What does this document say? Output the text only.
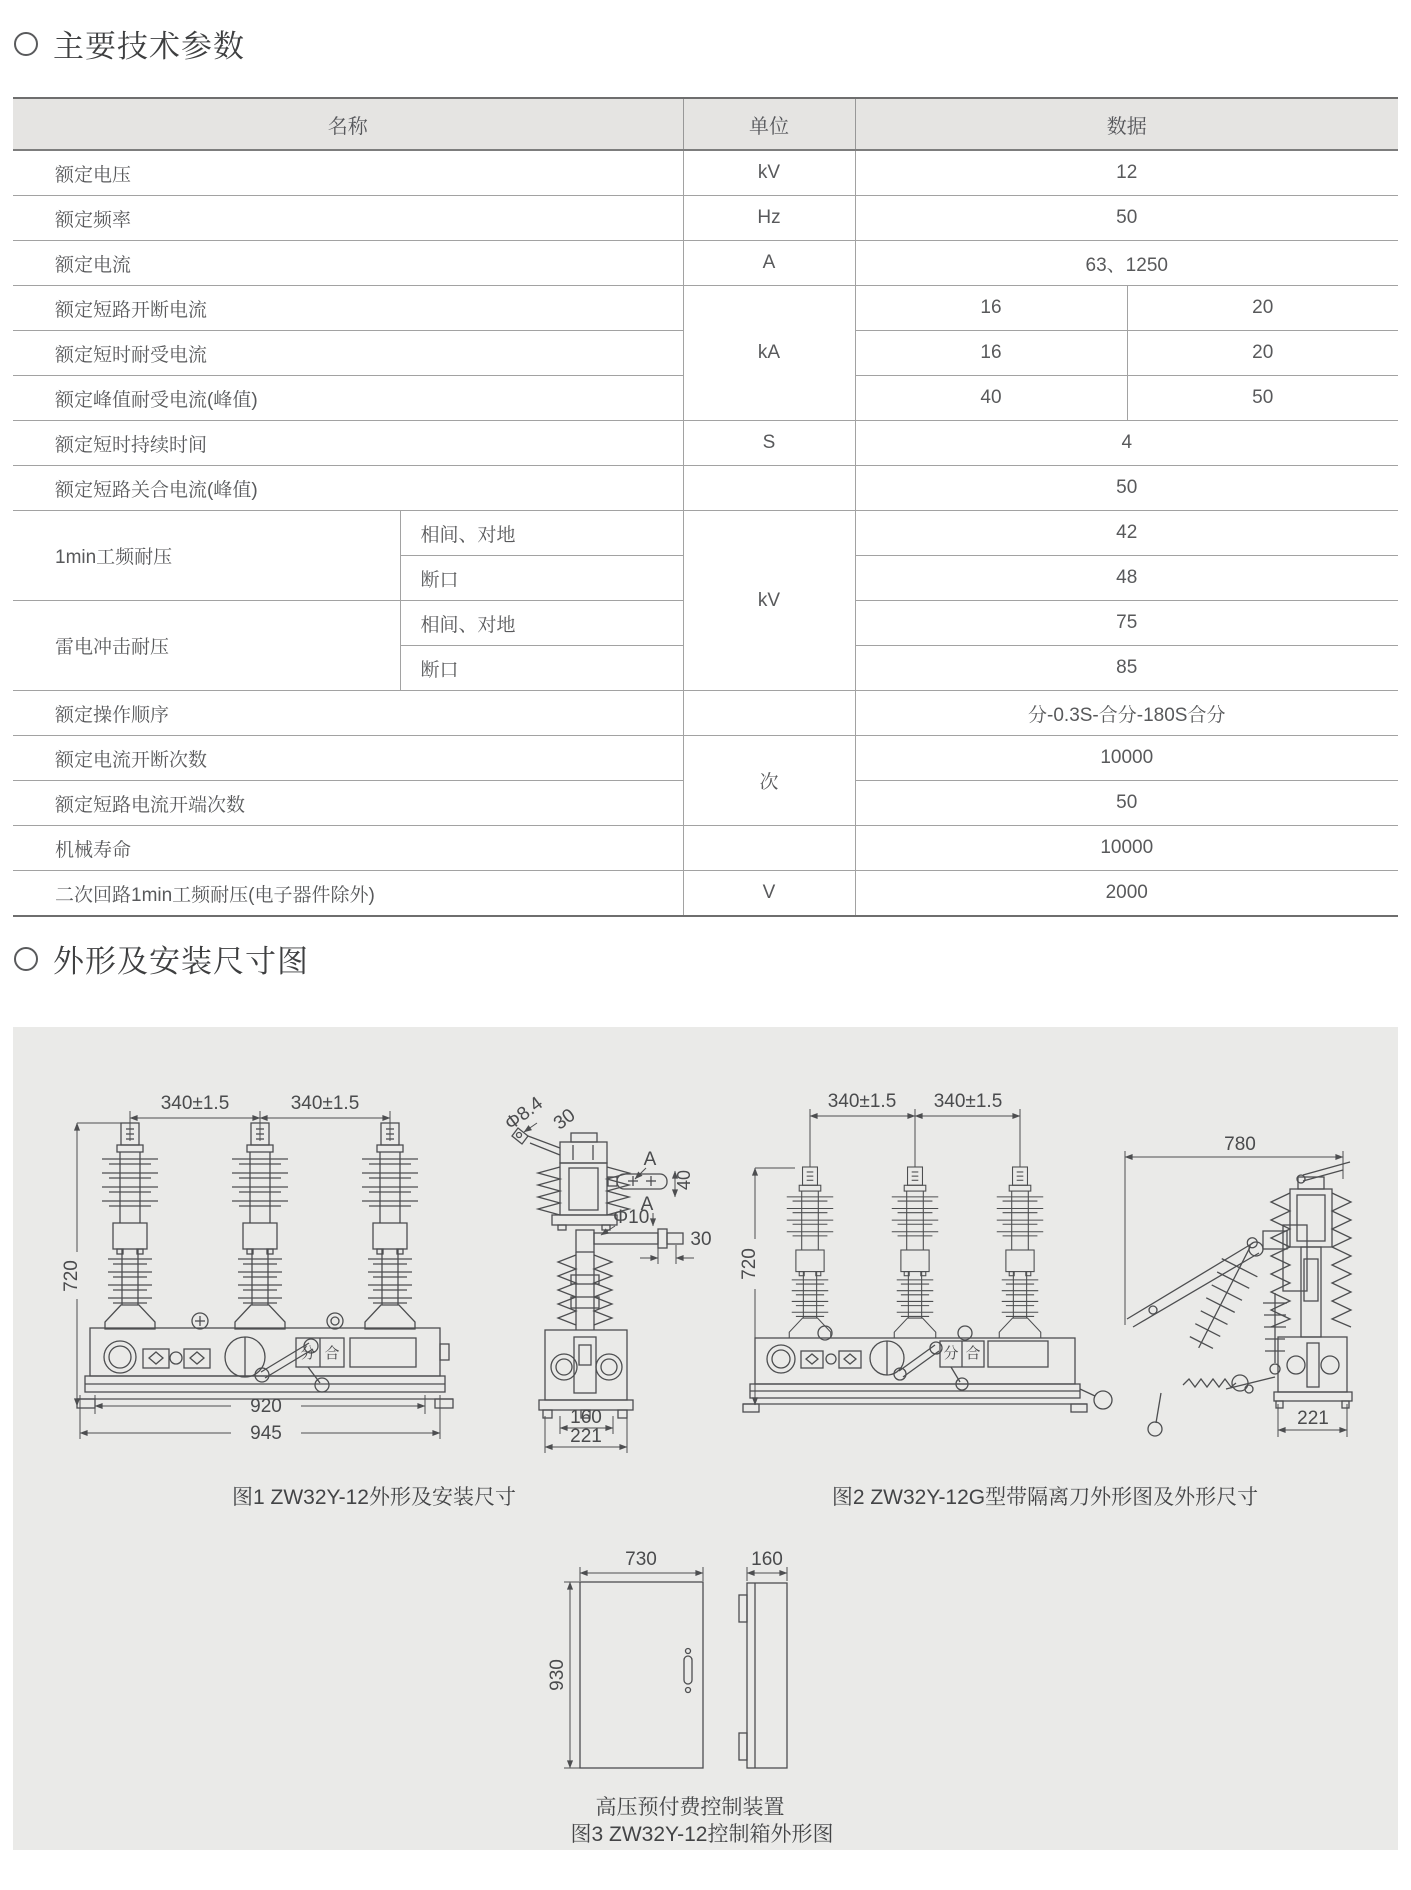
主要技术参数
名称		单位	数据	
额定电压		kV	12	
额定频率		Hz	50	
额定电流		A	63、1250	
额定短路开断电流		kA	16	20
额定短时耐受电流			16	20
额定峰值耐受电流(峰值)			40	50
额定短时持续时间		S	4	
额定短路关合电流(峰值)			50	
1min工频耐压	相间、对地	kV	42	
	断口		48	
雷电冲击耐压	相间、对地		75	
	断口		85	
额定操作顺序			分-0.3S-合分-180S合分	
额定电流开断次数		次	10000	
额定短路电流开端次数			50	
机械寿命			10000	
二次回路1min工频耐压(电子器件除外)		V	2000	
外形及安装尺寸图
340±1.5	340±1.5
720
920
945
分 合
图1 ZW32Y-12外形及安装尺寸
Φ8.4 30
A
40
A
Φ10
30
160
221
340±1.5 340±1.5
720
分 合
图2 ZW32Y-12G型带隔离刀外形图及外形尺寸
780
221
730	160
930
高压预付费控制装置
图3 ZW32Y-12控制箱外形图
